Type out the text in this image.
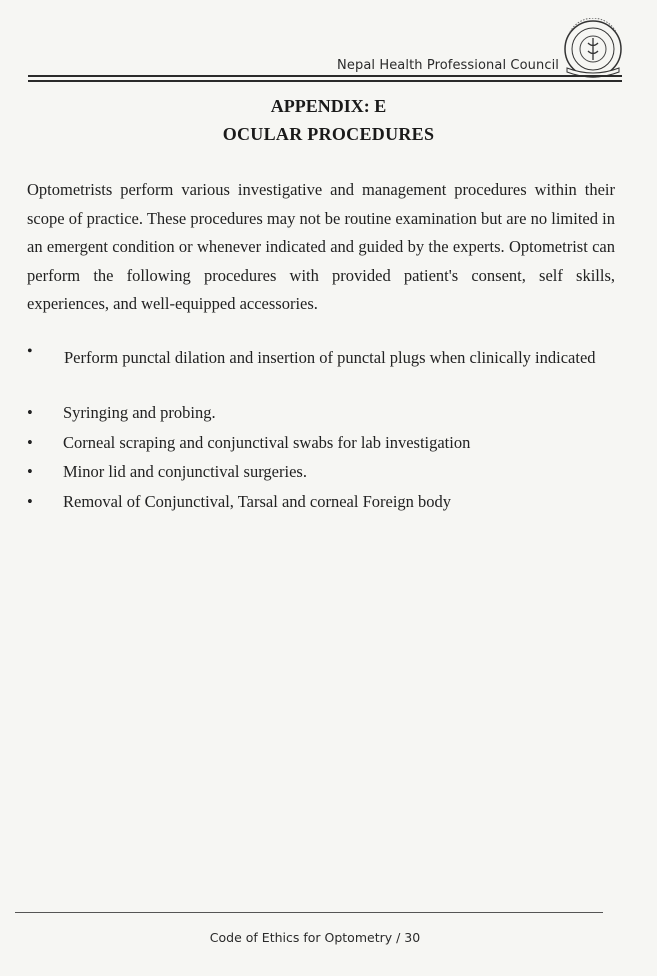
Nepal Health Professional Council
APPENDIX: E
OCULAR PROCEDURES
Optometrists perform various investigative and management procedures within their scope of practice. These procedures may not be routine examination but are no limited in an emergent condition or whenever indicated and guided by the experts. Optometrist can perform the following procedures with provided patient's consent, self skills, experiences, and well-equipped accessories.
•	Perform punctal dilation and insertion of punctal plugs when clinically indicated
• Syringing and probing.
• Corneal scraping and conjunctival swabs for lab investigation
• Minor lid and conjunctival surgeries.
• Removal of Conjunctival, Tarsal and corneal Foreign body
Code of Ethics for Optometry / 30
